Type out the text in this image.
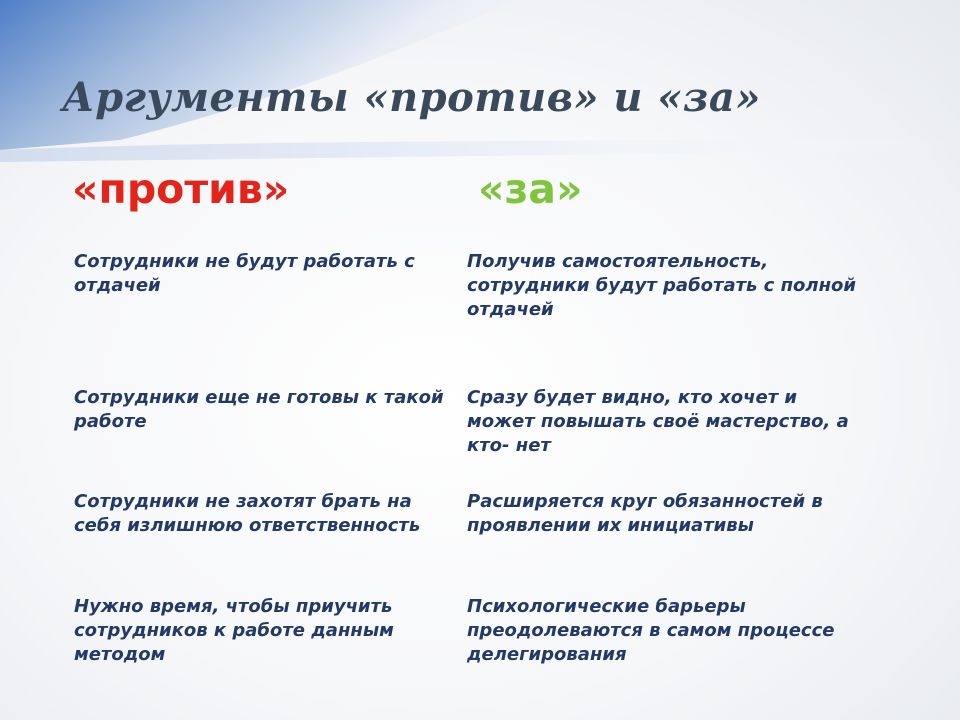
Аргументы «против» и «за»
«против»	«за»

Сотрудники не будут работать с отдачей

Сотрудники еще не готовы к такой работе

Сотрудники не захотят брать на себя излишнюю ответственность

Нужно время, чтобы приучить сотрудников к работе данным методом

Получив самостоятельность, сотрудники будут работать с полной отдачей

Сразу будет видно, кто хочет и может повышать своё мастерство, а кто- нет

Расширяется круг обязанностей в проявлении их инициативы

Психологические барьеры преодолеваются в самом процессе делегирования
